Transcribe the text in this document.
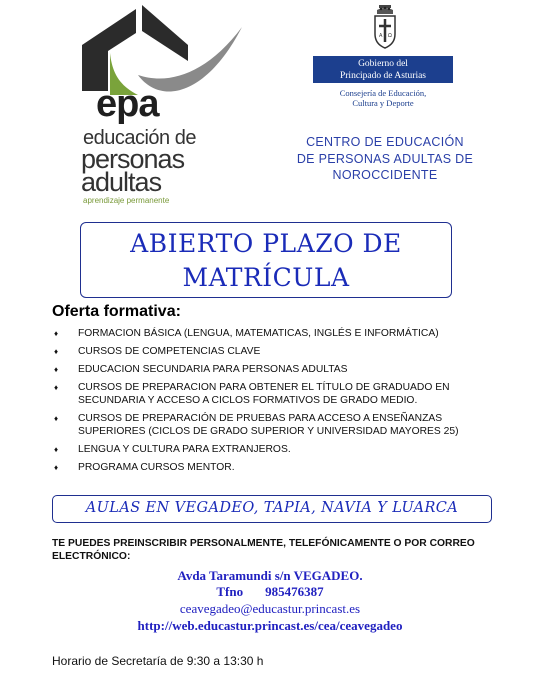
epa
educación de
personas
adultas
aprendizaje permanente
A Ω
Gobierno del
Principado de Asturias
Consejería de Educación,
Cultura y Deporte
CENTRO DE EDUCACIÓN
DE PERSONAS ADULTAS DE
NOROCCIDENTE
ABIERTO PLAZO DE
MATRÍCULA
Oferta formativa:
♦ FORMACION BÁSICA (LENGUA, MATEMATICAS, INGLÉS E INFORMÁTICA)
♦ CURSOS DE COMPETENCIAS CLAVE
♦ EDUCACION SECUNDARIA PARA PERSONAS ADULTAS
♦ CURSOS DE PREPARACION PARA OBTENER EL TÍTULO DE GRADUADO EN SECUNDARIA Y ACCESO A CICLOS FORMATIVOS DE GRADO MEDIO.
♦ CURSOS DE PREPARACIÓN DE PRUEBAS PARA ACCESO A ENSEÑANZAS SUPERIORES (CICLOS DE GRADO SUPERIOR Y UNIVERSIDAD MAYORES 25)
♦ LENGUA Y CULTURA PARA EXTRANJEROS.
♦ PROGRAMA CURSOS MENTOR.
AULAS EN VEGADEO, TAPIA, NAVIA Y LUARCA
TE PUEDES PREINSCRIBIR PERSONALMENTE, TELEFÓNICAMENTE O POR CORREO ELECTRÓNICO:
Avda Taramundi s/n VEGADEO.
Tfno 985476387
ceavegadeo@educastur.princast.es
http://web.educastur.princast.es/cea/ceavegadeo
Horario de Secretaría de 9:30 a 13:30 h
